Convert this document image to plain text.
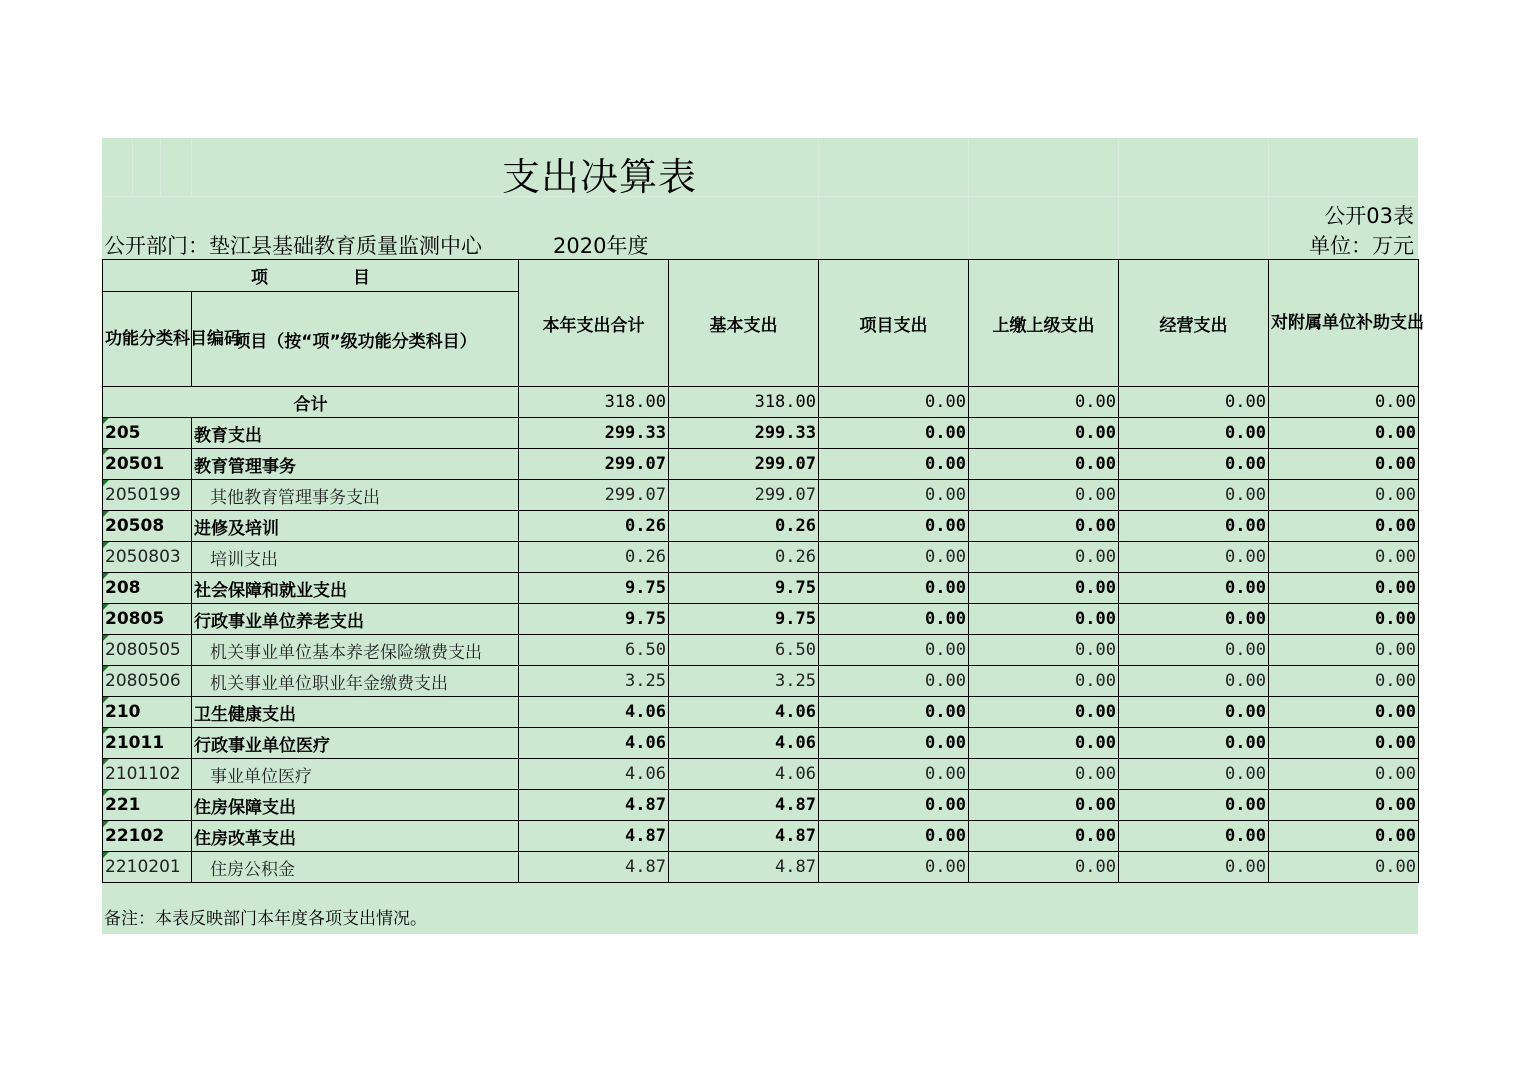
支出决算表
公开03表
公开部门：垫江县基础教育质量监测中心	2020年度	单位：万元
项　　　　　目		本年支出合计	基本支出	项目支出	上缴上级支出	经营支出	对附属单位补助支出
功能分类科目编码	项目（按“项”级功能分类科目）						
合计		318.00	318.00	0.00	0.00	0.00	0.00
205	教育支出	299.33	299.33	0.00	0.00	0.00	0.00
20501	教育管理事务	299.07	299.07	0.00	0.00	0.00	0.00
2050199	其他教育管理事务支出	299.07	299.07	0.00	0.00	0.00	0.00
20508	进修及培训	0.26	0.26	0.00	0.00	0.00	0.00
2050803	培训支出	0.26	0.26	0.00	0.00	0.00	0.00
208	社会保障和就业支出	9.75	9.75	0.00	0.00	0.00	0.00
20805	行政事业单位养老支出	9.75	9.75	0.00	0.00	0.00	0.00
2080505	机关事业单位基本养老保险缴费支出	6.50	6.50	0.00	0.00	0.00	0.00
2080506	机关事业单位职业年金缴费支出	3.25	3.25	0.00	0.00	0.00	0.00
210	卫生健康支出	4.06	4.06	0.00	0.00	0.00	0.00
21011	行政事业单位医疗	4.06	4.06	0.00	0.00	0.00	0.00
2101102	事业单位医疗	4.06	4.06	0.00	0.00	0.00	0.00
221	住房保障支出	4.87	4.87	0.00	0.00	0.00	0.00
22102	住房改革支出	4.87	4.87	0.00	0.00	0.00	0.00
2210201	住房公积金	4.87	4.87	0.00	0.00	0.00	0.00
备注：本表反映部门本年度各项支出情况。
